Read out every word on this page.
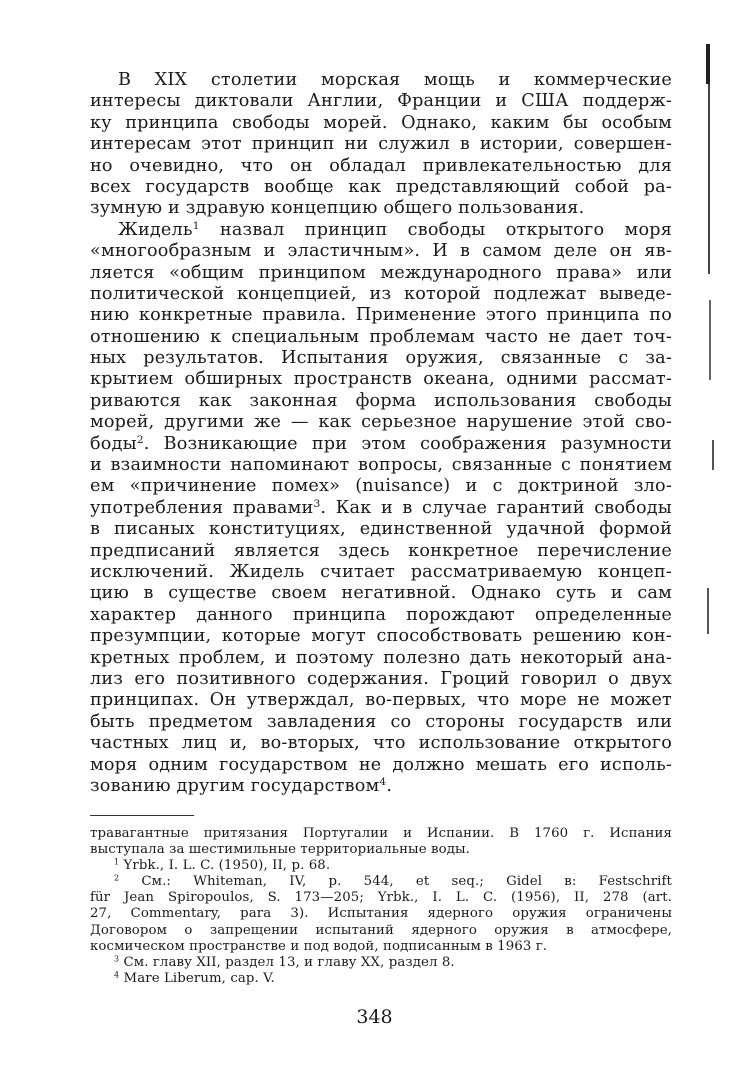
В XIX столетии морская мощь и коммерческие
интересы диктовали Англии, Франции и США поддерж-
ку принципа свободы морей. Однако, каким бы особым
интересам этот принцип ни служил в истории, совершен-
но очевидно, что он обладал привлекательностью для
всех государств вообще как представляющий собой ра-
зумную и здравую концепцию общего пользования.
Жидель$^1$ назвал принцип свободы открытого моря
«многообразным и эластичным». И в самом деле он яв-
ляется «общим принципом международного права» или
политической концепцией, из которой подлежат выведе-
нию конкретные правила. Применение этого принципа по
отношению к специальным проблемам часто не дает точ-
ных результатов. Испытания оружия, связанные с за-
крытием обширных пространств океана, одними рассмат-
риваются как законная форма использования свободы
морей, другими же — как серьезное нарушение этой сво-
боды$^2$. Возникающие при этом соображения разумности
и взаимности напоминают вопросы, связанные с понятием
ем «причинение помех» (nuisance) и с доктриной зло-
употребления правами$^3$. Как и в случае гарантий свободы
в писаных конституциях, единственной удачной формой
предписаний является здесь конкретное перечисление
исключений. Жидель считает рассматриваемую концеп-
цию в существе своем негативной. Однако суть и сам
характер данного принципа порождают определенные
презумпции, которые могут способствовать решению кон-
кретных проблем, и поэтому полезно дать некоторый ана-
лиз его позитивного содержания. Гроций говорил о двух
принципах. Он утверждал, во-первых, что море не может
быть предметом завладения со стороны государств или
частных лиц и, во-вторых, что использование открытого
моря одним государством не должно мешать его исполь-
зованию другим государством$^4$.
травагантные притязания Португалии и Испании. В 1760 г. Испания
выступала за шестимильные территориальные воды.
$^1$ Yrbk., I. L. C. (1950), II, p. 68.
$^2$ См.: Whiteman, IV, p. 544, et seq.; Gidel в: Festschrift
für Jean Spiropoulos, S. 173—205; Yrbk., I. L. C. (1956), II, 278 (art.
27, Commentary, para 3). Испытания ядерного оружия ограничены
Договором о запрещении испытаний ядерного оружия в атмосфере,
космическом пространстве и под водой, подписанным в 1963 г.
$^3$ См. главу XII, раздел 13, и главу XX, раздел 8.
$^4$ Mare Liberum, cap. V.
348
